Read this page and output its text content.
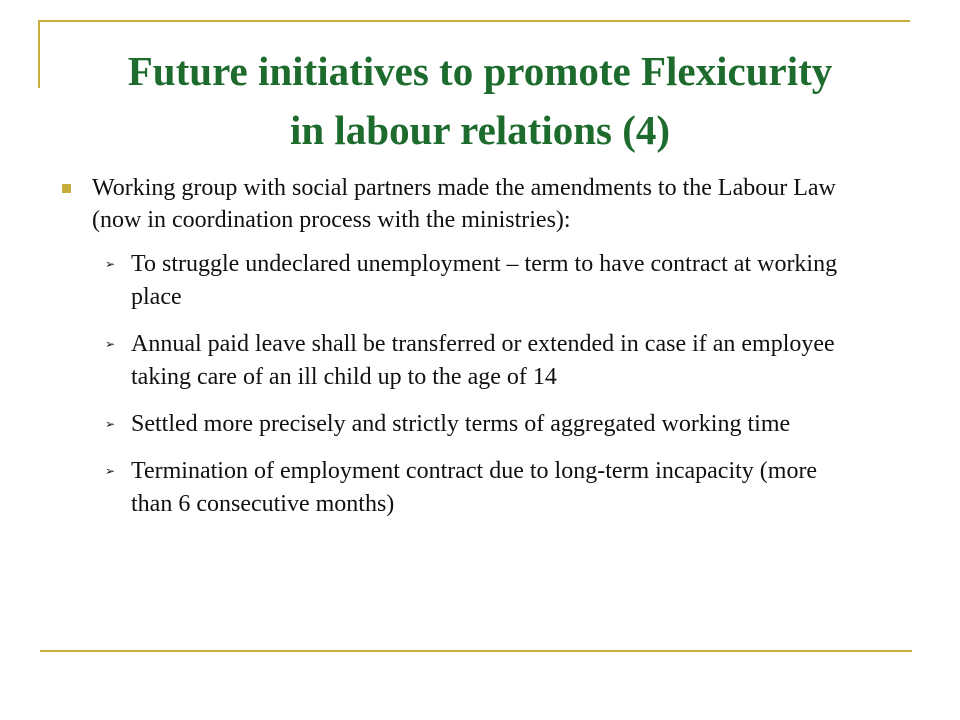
Future initiatives to promote Flexicurity
in labour relations (4)
Working group with social partners made the amendments to the Labour Law (now in coordination process with the ministries):
➢ To struggle undeclared unemployment – term to have contract at working place
➢ Annual paid leave shall be transferred or extended in case if an employee taking care of an ill child up to the age of 14
➢ Settled more precisely and strictly terms of aggregated working time
➢ Termination of employment contract due to long-term incapacity (more than 6 consecutive months)
